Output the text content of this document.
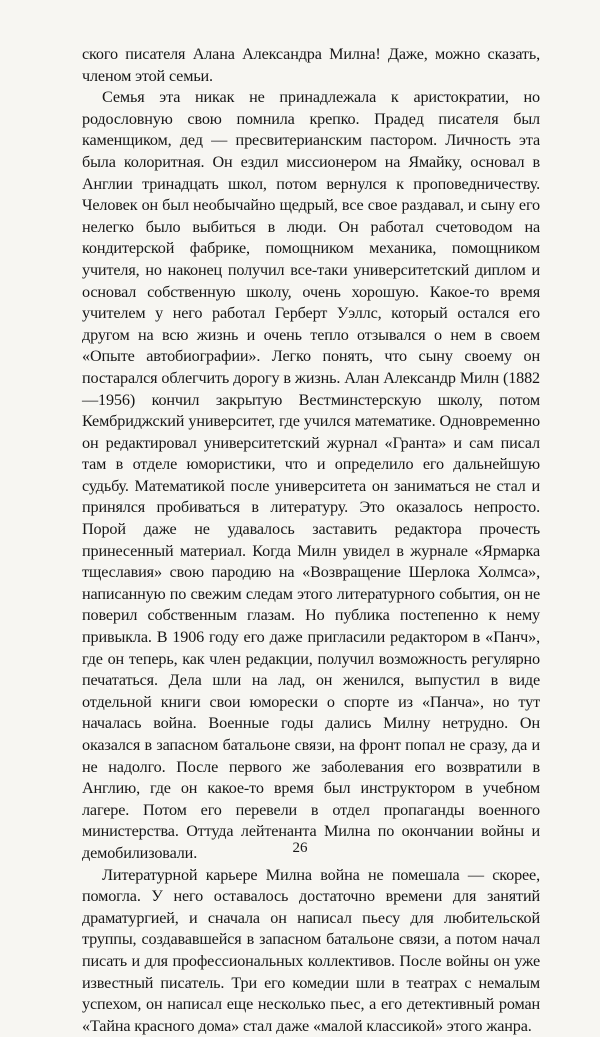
ского писателя Алана Александра Милна! Даже, можно сказать, членом этой семьи.

Семья эта никак не принадлежала к аристократии, но родословную свою помнила крепко. Прадед писателя был каменщиком, дед — пресвитерианским пастором. Личность эта была колоритная. Он ездил миссионером на Ямайку, основал в Англии тринадцать школ, потом вернулся к проповедничеству. Человек он был необычайно щедрый, все свое раздавал, и сыну его нелегко было выбиться в люди. Он работал счетоводом на кондитерской фабрике, помощником механика, помощником учителя, но наконец получил все-таки университетский диплом и основал собственную школу, очень хорошую. Какое-то время учителем у него работал Герберт Уэллс, который остался его другом на всю жизнь и очень тепло отзывался о нем в своем «Опыте автобиографии». Легко понять, что сыну своему он постарался облегчить дорогу в жизнь. Алан Александр Милн (1882—1956) кончил закрытую Вестминстерскую школу, потом Кембриджский университет, где учился математике. Одновременно он редактировал университетский журнал «Гранта» и сам писал там в отделе юмористики, что и определило его дальнейшую судьбу. Математикой после университета он заниматься не стал и принялся пробиваться в литературу. Это оказалось непросто. Порой даже не удавалось заставить редактора прочесть принесенный материал. Когда Милн увидел в журнале «Ярмарка тщеславия» свою пародию на «Возвращение Шерлока Холмса», написанную по свежим следам этого литературного события, он не поверил собственным глазам. Но публика постепенно к нему привыкла. В 1906 году его даже пригласили редактором в «Панч», где он теперь, как член редакции, получил возможность регулярно печататься. Дела шли на лад, он женился, выпустил в виде отдельной книги свои юморески о спорте из «Панча», но тут началась война. Военные годы дались Милну нетрудно. Он оказался в запасном батальоне связи, на фронт попал не сразу, да и не надолго. После первого же заболевания его возвратили в Англию, где он какое-то время был инструктором в учебном лагере. Потом его перевели в отдел пропаганды военного министерства. Оттуда лейтенанта Милна по окончании войны и демобилизовали.

Литературной карьере Милна война не помешала — скорее, помогла. У него оставалось достаточно времени для занятий драматургией, и сначала он написал пьесу для любительской труппы, создававшейся в запасном батальоне связи, а потом начал писать и для профессиональных коллективов. После войны он уже известный писатель. Три его комедии шли в театрах с немалым успехом, он написал еще несколько пьес, а его детективный роман «Тайна красного дома» стал даже «малой классикой» этого жанра.

26
